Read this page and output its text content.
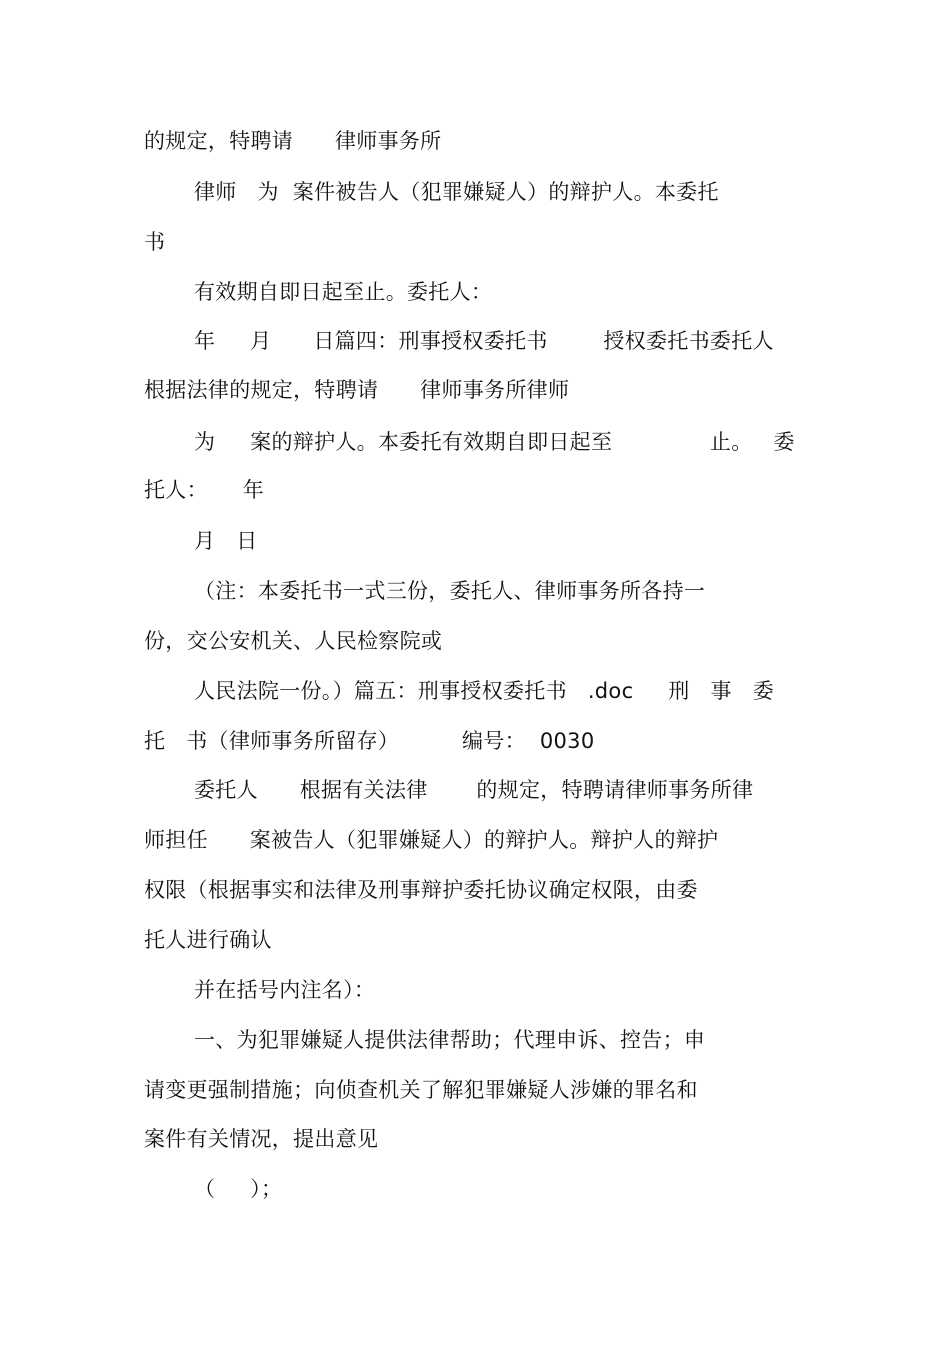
的规定，特聘请      律师事务所
律师   为  案件被告人（犯罪嫌疑人）的辩护人。本委托
书
有效期自即日起至止。委托人：
年     月      日篇四：刑事授权委托书        授权委托书委托人
根据法律的规定，特聘请      律师事务所律师
为     案的辩护人。本委托有效期自即日起至              止。   委
托人：     年
月   日
（注：本委托书一式三份，委托人、律师事务所各持一
份，交公安机关、人民检察院或
人民法院一份。）篇五：刑事授权委托书   .doc     刑   事   委
托   书（律师事务所留存）         编号：  0030
委托人      根据有关法律       的规定，特聘请律师事务所律
师担任      案被告人（犯罪嫌疑人）的辩护人。辩护人的辩护
权限（根据事实和法律及刑事辩护委托协议确定权限，由委
托人进行确认
并在括号内注名）：
一、为犯罪嫌疑人提供法律帮助；代理申诉、控告；申
请变更强制措施；向侦查机关了解犯罪嫌疑人涉嫌的罪名和
案件有关情况，提出意见
（     ）；
